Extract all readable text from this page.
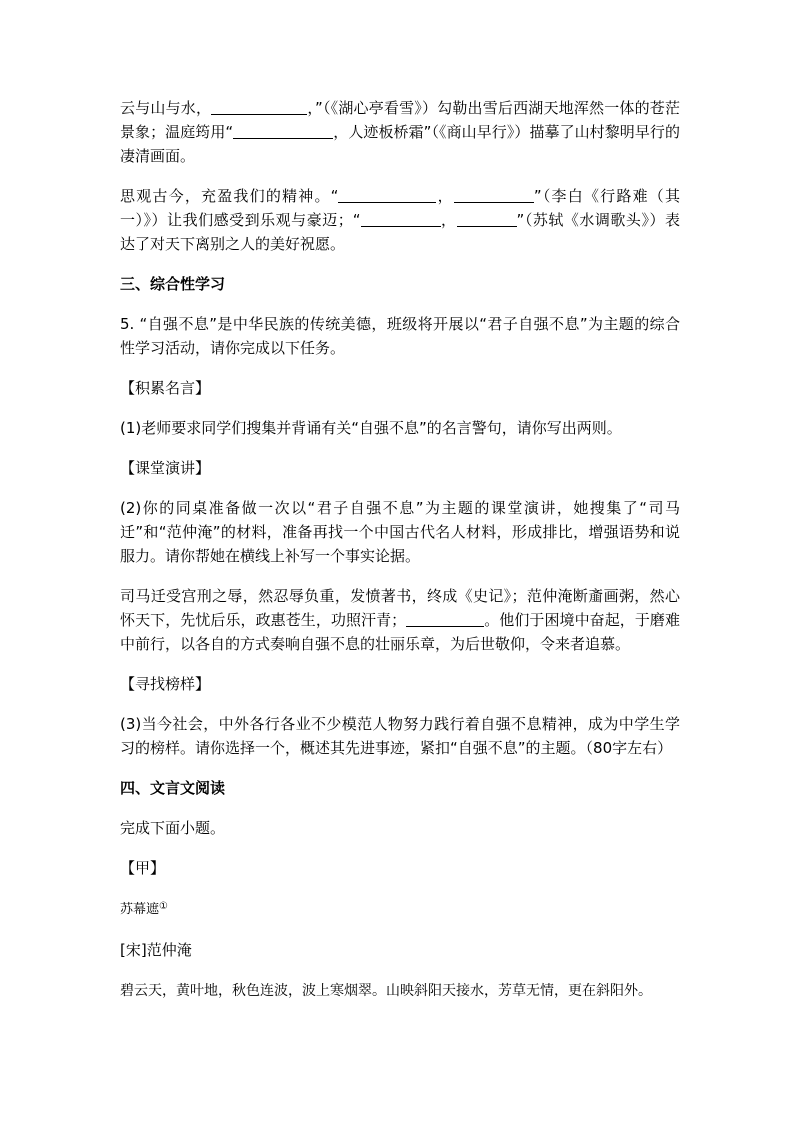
云与山与水，	，”（《湖心亭看雪》）勾勒出雪后西湖天地浑然一体的苍茫景象；温庭筠用“	，人迹板桥霜”（《商山早行》）描摹了山村黎明早行的凄清画面。

思观古今，充盈我们的精神。“	，	”（李白《行路难（其一）》）让我们感受到乐观与豪迈；“	，	”（苏轼《水调歌头》）表达了对天下离别之人的美好祝愿。

三、综合性学习

5. “自强不息”是中华民族的传统美德，班级将开展以“君子自强不息”为主题的综合性学习活动，请你完成以下任务。

【积累名言】

(1)老师要求同学们搜集并背诵有关“自强不息”的名言警句，请你写出两则。

【课堂演讲】

(2)你的同桌准备做一次以“君子自强不息”为主题的课堂演讲，她搜集了“司马迁”和“范仲淹”的材料，准备再找一个中国古代名人材料，形成排比，增强语势和说服力。请你帮她在横线上补写一个事实论据。

司马迁受宫刑之辱，然忍辱负重，发愤著书，终成《史记》；范仲淹断齑画粥，然心怀天下，先忧后乐，政惠苍生，功照汗青；	。他们于困境中奋起，于磨难中前行，以各自的方式奏响自强不息的壮丽乐章，为后世敬仰，令来者追慕。

【寻找榜样】

(3)当今社会，中外各行各业不少模范人物努力践行着自强不息精神，成为中学生学习的榜样。请你选择一个，概述其先进事迹，紧扣“自强不息”的主题。（80字左右）

四、文言文阅读

完成下面小题。

【甲】

苏幕遮①

[宋]范仲淹

碧云天，黄叶地，秋色连波，波上寒烟翠。山映斜阳天接水，芳草无情，更在斜阳外。
